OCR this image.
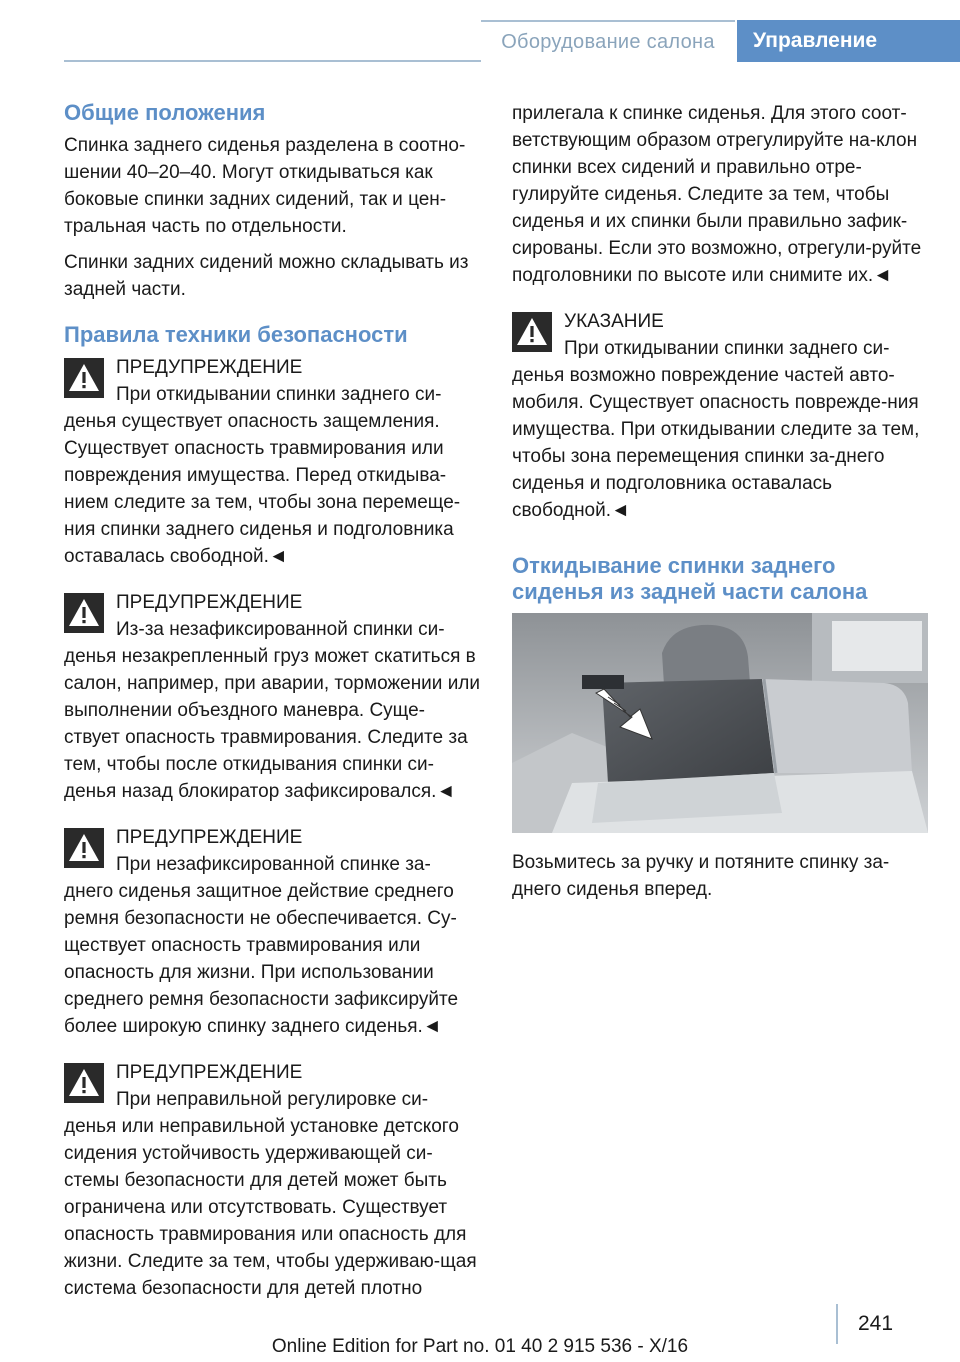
Оборудование салона	Управление
Общие положения
Спинка заднего сиденья разделена в соотно‐шении 40–20–40. Могут откидываться как боковые спинки задних сидений, так и цен‐тральная часть по отдельности.
Спинки задних сидений можно складывать из задней части.
Правила техники безопасности
ПРЕДУПРЕЖДЕНИЕ
При откидывании спинки заднего си‐денья существует опасность защемления. Существует опасность травмирования или повреждения имущества. Перед откидыва‐нием следите за тем, чтобы зона перемеще‐ния спинки заднего сиденья и подголовника оставалась свободной.◄
ПРЕДУПРЕЖДЕНИЕ
Из-за незафиксированной спинки си‐денья незакрепленный груз может скатиться в салон, например, при аварии, торможении или выполнении объездного маневра. Суще‐ствует опасность травмирования. Следите за тем, чтобы после откидывания спинки си‐денья назад блокиратор зафиксировался.◄
ПРЕДУПРЕЖДЕНИЕ
При незафиксированной спинке за‐днего сиденья защитное действие среднего ремня безопасности не обеспечивается. Су‐ществует опасность травмирования или опасность для жизни. При использовании среднего ремня безопасности зафиксируйте более широкую спинку заднего сиденья.◄
ПРЕДУПРЕЖДЕНИЕ
При неправильной регулировке си‐денья или неправильной установке детского сидения устойчивость удерживающей си‐стемы безопасности для детей может быть ограничена или отсутствовать. Существует опасность травмирования или опасность для жизни. Следите за тем, чтобы удерживаю‐щая система безопасности для детей плотно
прилегала к спинке сиденья. Для этого соот‐ветствующим образом отрегулируйте на‐клон спинки всех сидений и правильно отре‐гулируйте сиденья. Следите за тем, чтобы сиденья и их спинки были правильно зафик‐сированы. Если это возможно, отрегули‐руйте подголовники по высоте или снимите их.◄
УКАЗАНИЕ
При откидывании спинки заднего си‐денья возможно повреждение частей авто‐мобиля. Существует опасность поврежде‐ния имущества. При откидывании следите за тем, чтобы зона перемещения спинки за‐днего сиденья и подголовника оставалась свободной.◄
Откидывание спинки заднего сиденья из задней части салона
Возьмитесь за ручку и потяните спинку за‐днего сиденья вперед.
241
Online Edition for Part no. 01 40 2 915 536 - X/16
